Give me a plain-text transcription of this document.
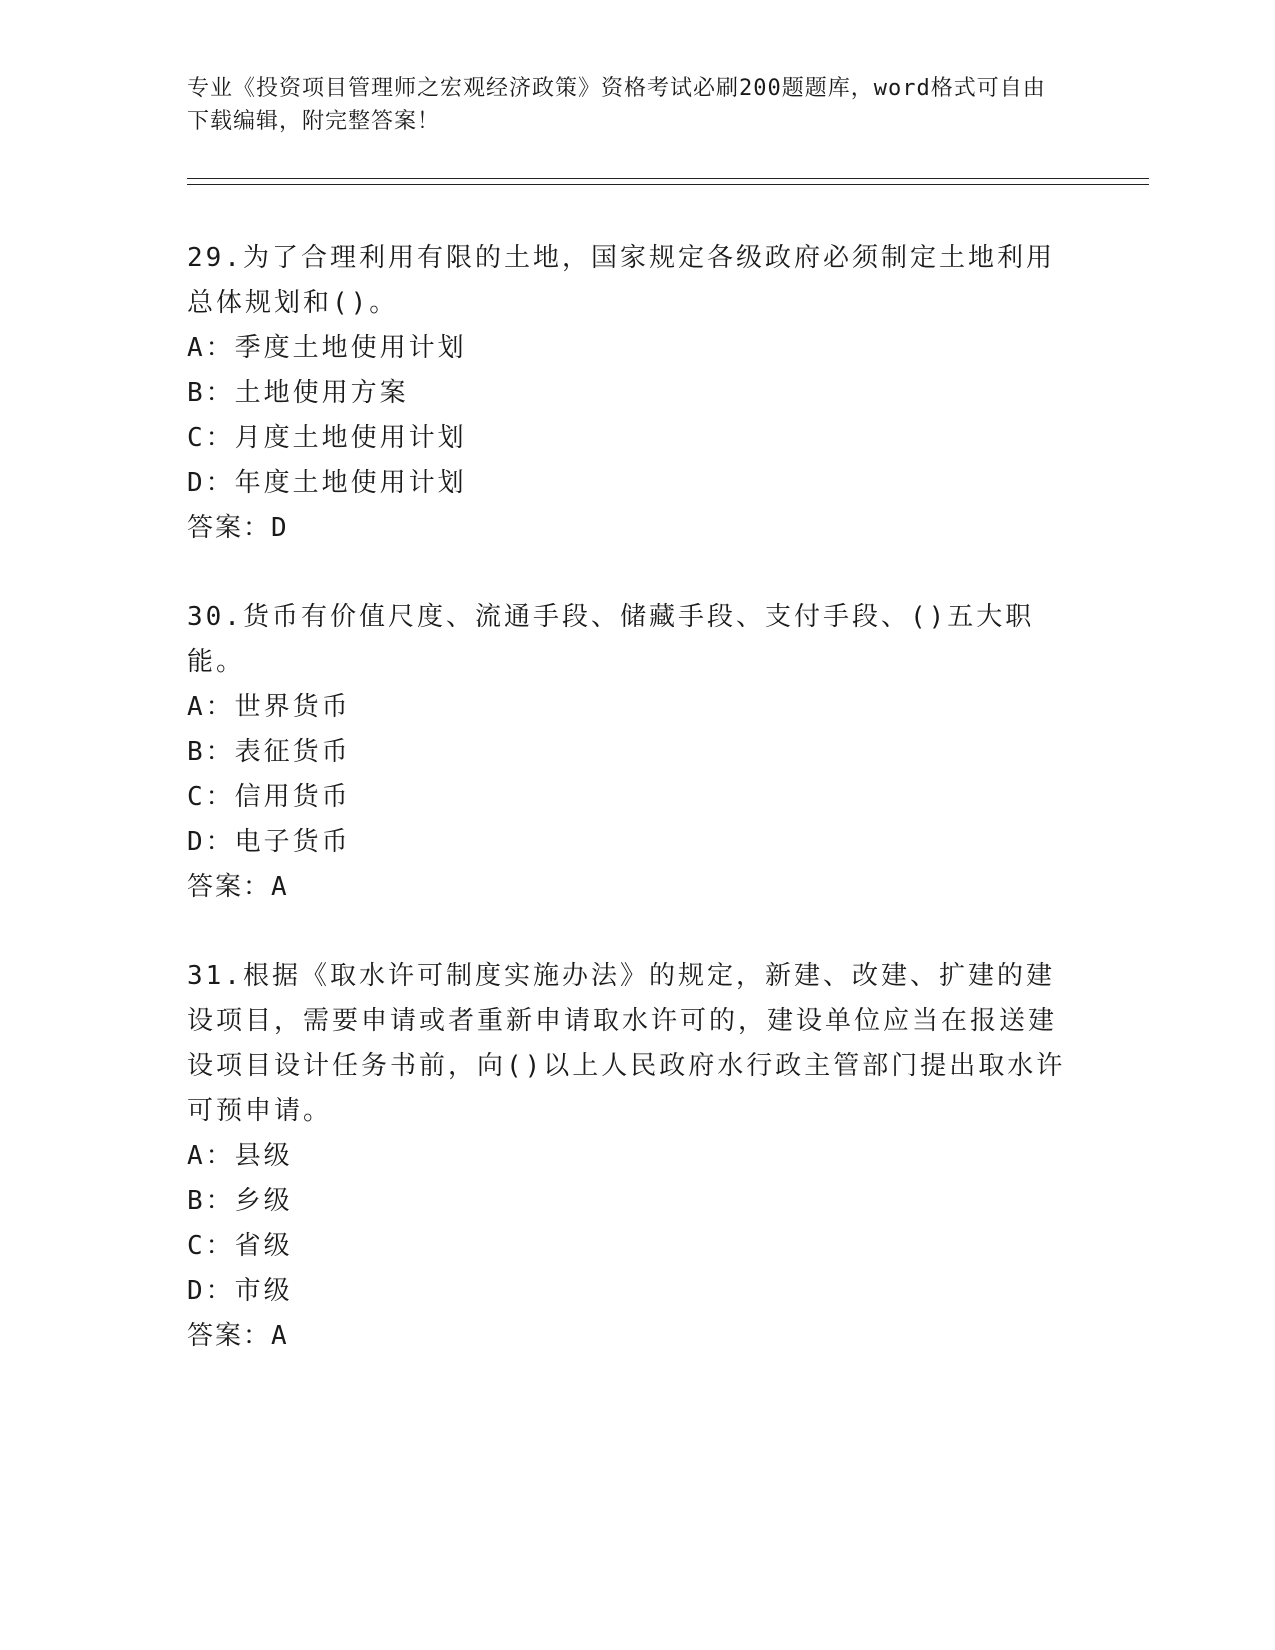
专业《投资项目管理师之宏观经济政策》资格考试必刷200题题库，word格式可自由下载编辑，附完整答案！
29.为了合理利用有限的土地，国家规定各级政府必须制定土地利用总体规划和()。
A：季度土地使用计划
B：土地使用方案
C：月度土地使用计划
D：年度土地使用计划
答案：D
30.货币有价值尺度、流通手段、储藏手段、支付手段、()五大职能。
A：世界货币
B：表征货币
C：信用货币
D：电子货币
答案：A
31.根据《取水许可制度实施办法》的规定，新建、改建、扩建的建设项目，需要申请或者重新申请取水许可的，建设单位应当在报送建设项目设计任务书前，向()以上人民政府水行政主管部门提出取水许可预申请。
A：县级
B：乡级
C：省级
D：市级
答案：A
